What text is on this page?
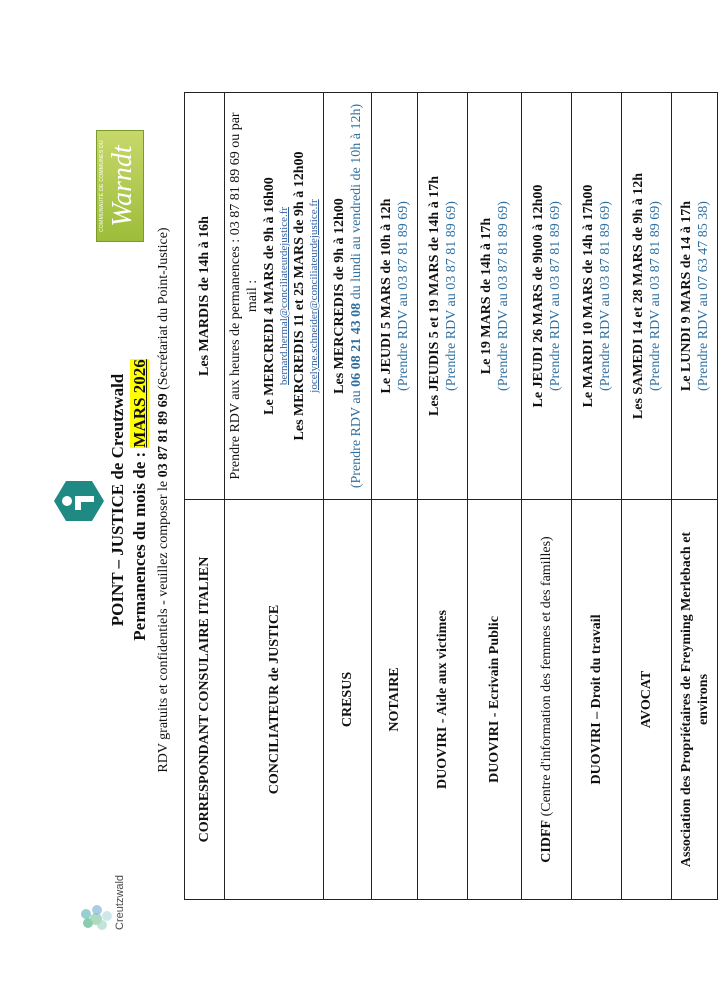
Creutzwald
COMMUNAUTÉ DE COMMUNES DU Warndt
POINT – JUSTICE de Creutzwald Permanences du mois de : MARS 2026
RDV gratuits et confidentiels - veuillez composer le 03 87 81 89 69 (Secrétariat du Point-Justice)
CORRESPONDANT CONSULAIRE ITALIEN	Les MARDIS de 14h à 16h

CONCILIATEUR de JUSTICE	Prendre RDV aux heures de permanences : 03 87 81 89 69 ou par mail : Le MERCREDI 4 MARS de 9h à 16h00 bernard.hermal@conciliateurdejustice.fr Les MERCREDIS 11 et 25 MARS de 9h à 12h00 jocelyne.schneider@conciliateurdejustice.fr

CRESUS	Les MERCREDIS de 9h à 12h00
(Prendre RDV au 06 08 21 43 08 du lundi au vendredi de 10h à 12h)

NOTAIRE	Le JEUDI 5 MARS de 10h à 12h (Prendre RDV au 03 87 81 89 69)

DUOVIRI - Aide aux victimes	Les JEUDIS 5 et 19 MARS de 14h à 17h (Prendre RDV au 03 87 81 89 69)

DUOVIRI - Ecrivain Public	Le 19 MARS de 14h à 17h (Prendre RDV au 03 87 81 89 69)

CIDFF (Centre d'information des femmes et des familles)	Le JEUDI 26 MARS de 9h00 à 12h00 (Prendre RDV au 03 87 81 89 69)

DUOVIRI – Droit du travail	Le MARDI 10 MARS de 14h à 17h00 (Prendre RDV au 03 87 81 89 69)

AVOCAT	Les SAMEDI 14 et 28 MARS de 9h à 12h (Prendre RDV au 03 87 81 89 69)

Association des Propriétaires de Freyming Merlebach et environs	Le LUNDI 9 MARS de 14 à 17h (Prendre RDV au 07 63 47 85 38)
